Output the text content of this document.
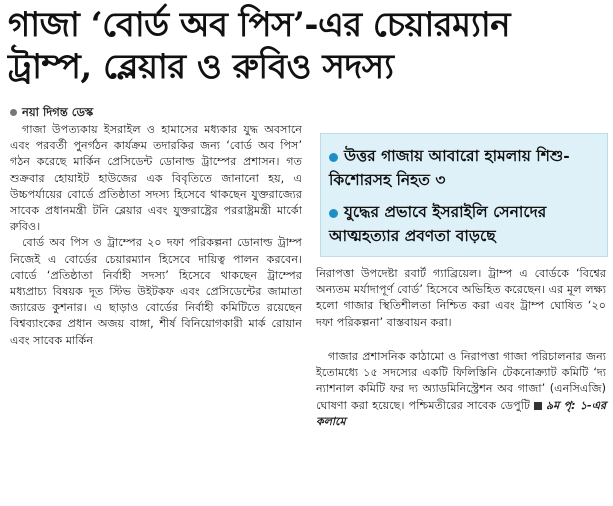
গাজা ‘বোর্ড অব পিস’-এর চেয়ারম্যান
ট্রাম্প, ব্লেয়ার ও রুবিও সদস্য
নয়া দিগন্ত ডেস্ক

গাজা উপত্যকায় ইসরাইল ও হামাসের মধ্যকার যুদ্ধ অবসানে এবং পরবর্তী পুনর্গঠন কার্যক্রম তদারকির জন্য ‘বোর্ড অব পিস’ গঠন করেছে মার্কিন প্রেসিডেন্ট ডোনাল্ড ট্রাম্পের প্রশাসন। গত শুক্রবার হোয়াইট হাউজের এক বিবৃতিতে জানানো হয়, এ উচ্চপর্যায়ের বোর্ডে প্রতিষ্ঠাতা সদস্য হিসেবে থাকছেন যুক্তরাজ্যের সাবেক প্রধানমন্ত্রী টনি ব্লেয়ার এবং যুক্তরাষ্ট্রের পররাষ্ট্রমন্ত্রী মার্কো রুবিও।

বোর্ড অব পিস ও ট্রাম্পের ২০ দফা পরিকল্পনা ডোনাল্ড ট্রাম্প নিজেই এ বোর্ডের চেয়ারম্যান হিসেবে দায়িত্ব পালন করবেন। বোর্ডে ‘প্রতিষ্ঠাতা নির্বাহী সদস্য’ হিসেবে থাকছেন ট্রাম্পের মধ্যপ্রাচ্য বিষয়ক দূত স্টিভ উইটকফ এবং প্রেসিডেন্টের জামাতা জ্যারেড কুশনার। এ ছাড়াও বোর্ডের নির্বাহী কমিটিতে রয়েছেন বিশ্বব্যাংকের প্রধান অজয় বাঙ্গা, শীর্ষ বিনিয়োগকারী মার্ক রোয়ান এবং সাবেক মার্কিন

উত্তর গাজায় আবারো হামলায় শিশু-কিশোরসহ নিহত ৩
যুদ্ধের প্রভাবে ইসরাইলি সেনাদের আত্মহত্যার প্রবণতা বাড়ছে

নিরাপত্তা উপদেষ্টা রবার্ট গ্যাব্রিয়েল। ট্রাম্প এ বোর্ডকে ‘বিশ্বের অন্যতম মর্যাদাপূর্ণ বোর্ড’ হিসেবে অভিহিত করেছেন। এর মূল লক্ষ্য হলো গাজার স্থিতিশীলতা নিশ্চিত করা এবং ট্রাম্প ঘোষিত ‘২০ দফা পরিকল্পনা’ বাস্তবায়ন করা।

গাজার প্রশাসনিক কাঠামো ও নিরাপত্তা গাজা পরিচালনার জন্য ইতোমধ্যে ১৫ সদস্যের একটি ফিলিস্তিনি টেকনোক্র্যাট কমিটি ‘দ্য ন্যাশনাল কমিটি ফর দ্য অ্যাডমিনিস্ট্রেশন অব গাজা’ (এনসিএজি) ঘোষণা করা হয়েছে। পশ্চিমতীরের সাবেক ডেপুটি ৯ম পৃ: ১-এর কলামে
